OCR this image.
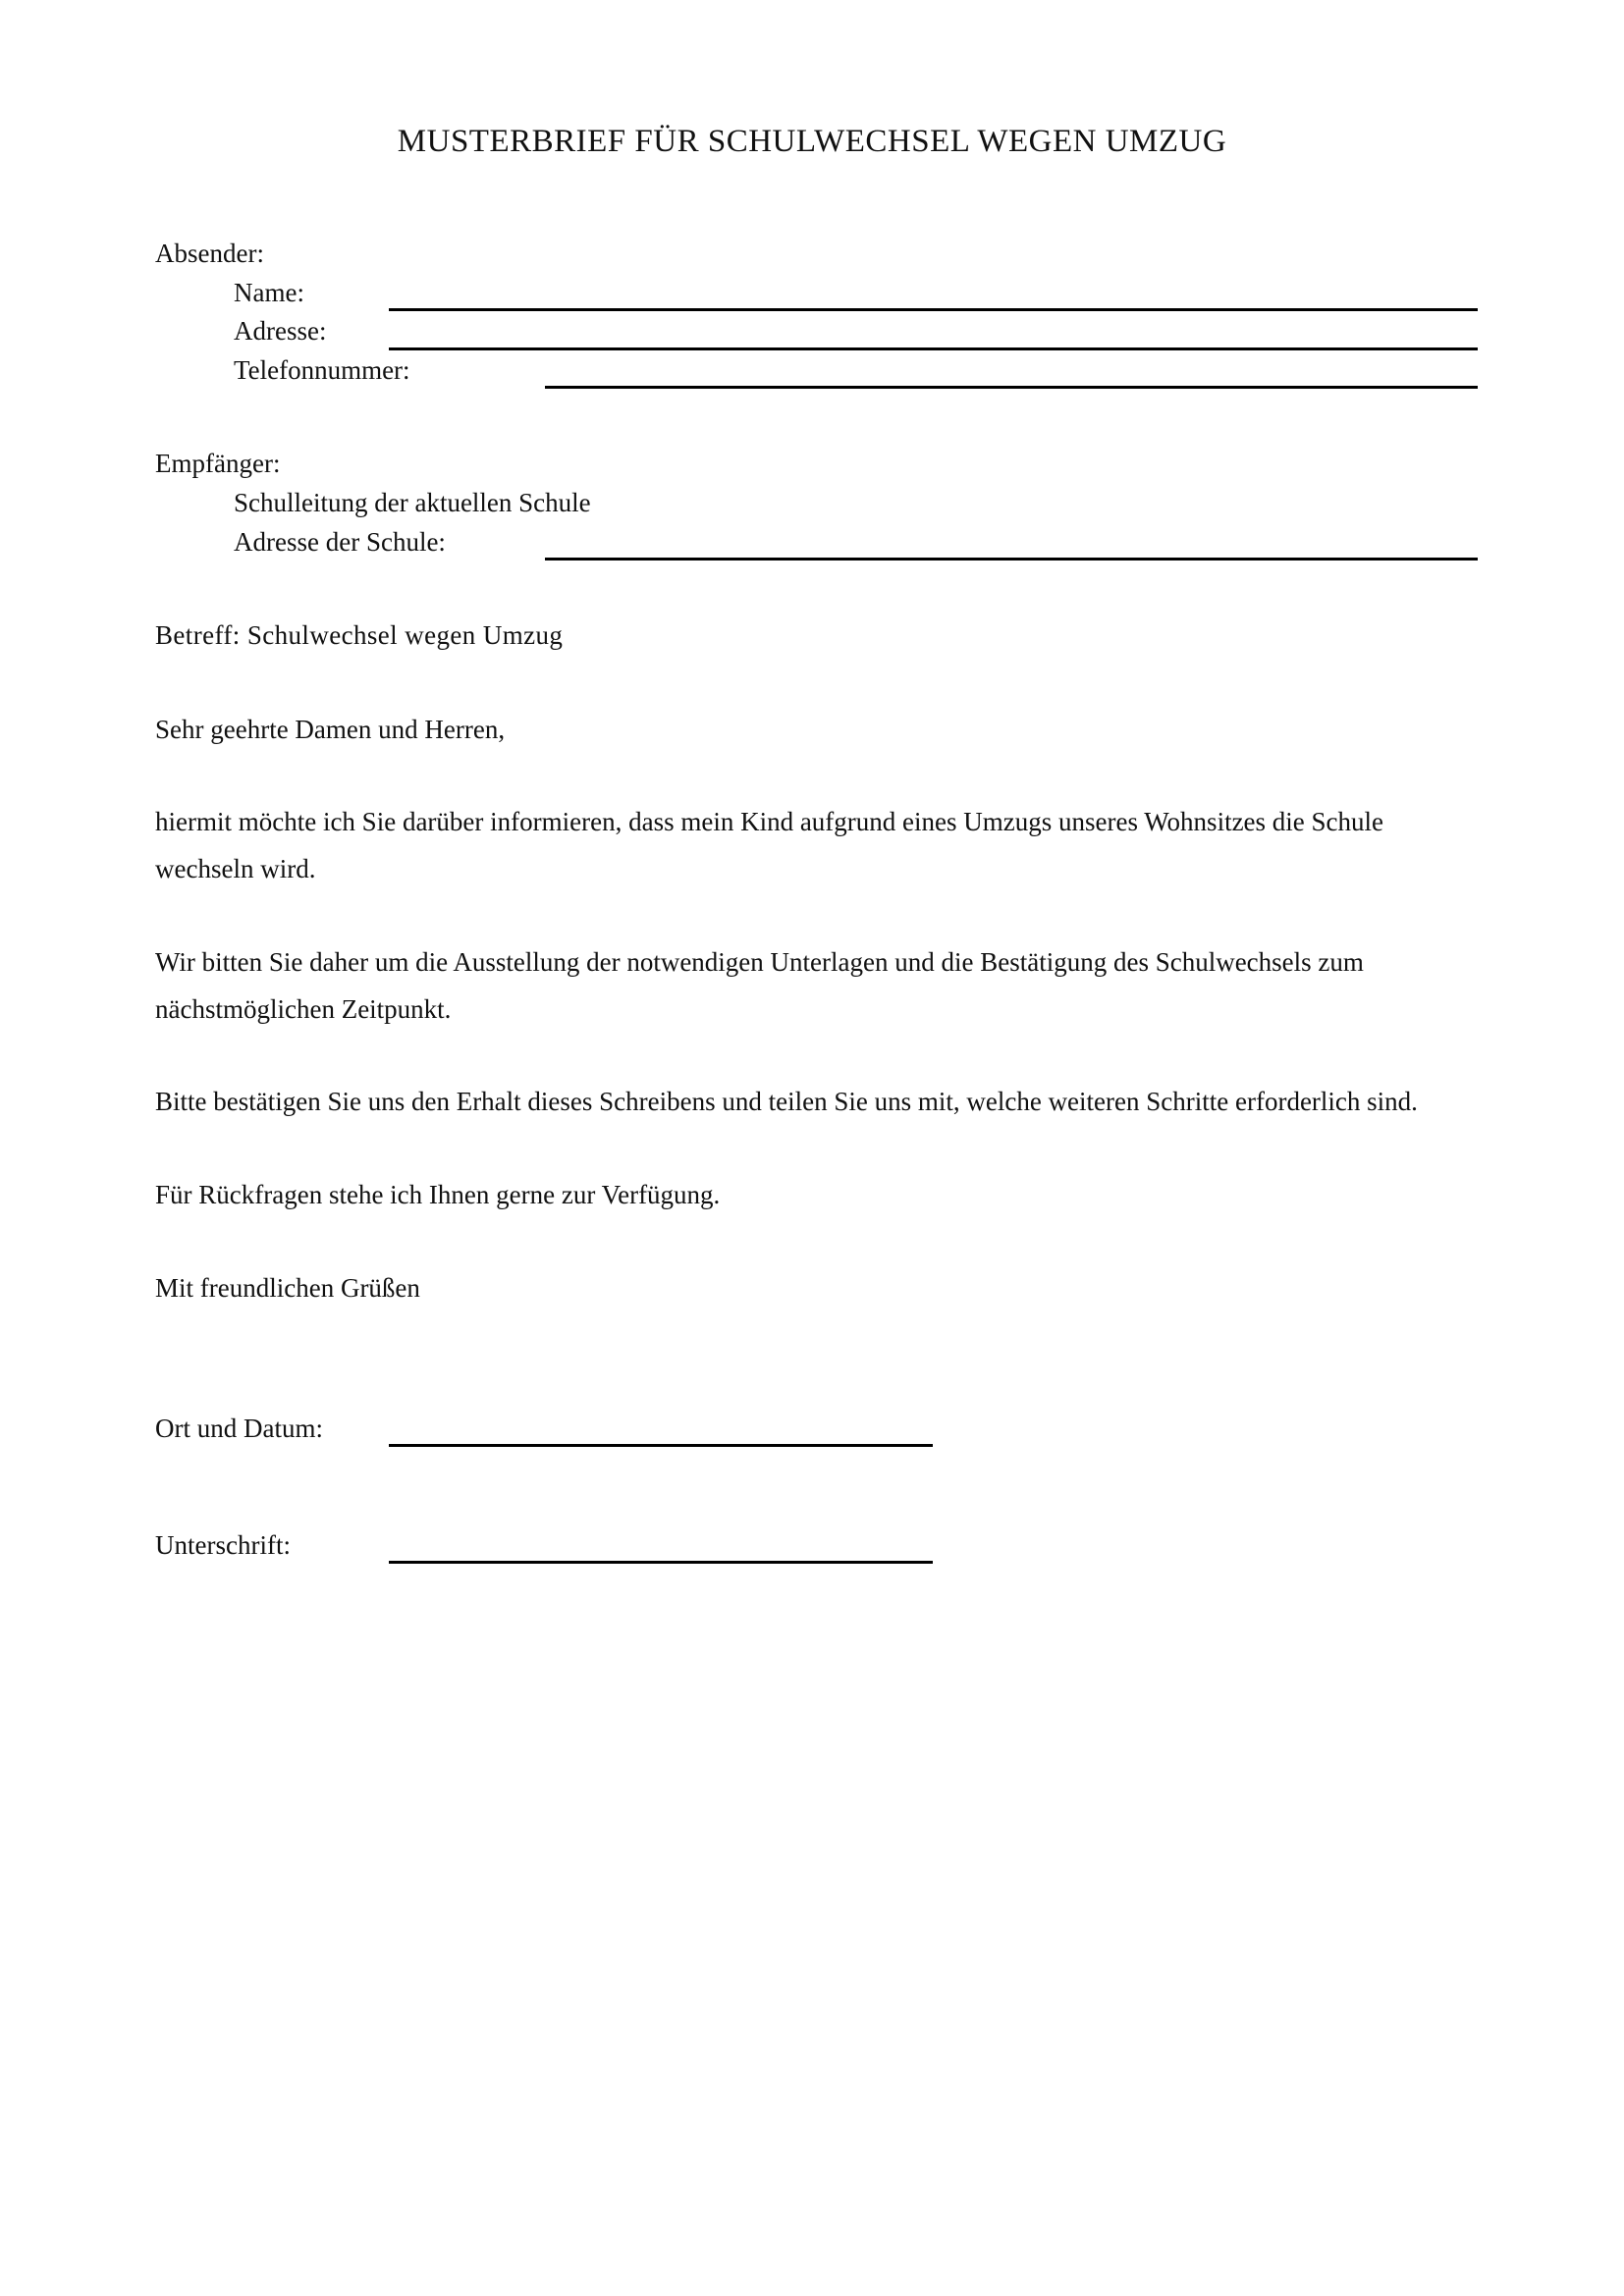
MUSTERBRIEF FÜR SCHULWECHSEL WEGEN UMZUG
Absender:
Name:
Adresse:
Telefonnummer:
Empfänger:
Schulleitung der aktuellen Schule
Adresse der Schule:
Betreff: Schulwechsel wegen Umzug
Sehr geehrte Damen und Herren,
hiermit möchte ich Sie darüber informieren, dass mein Kind aufgrund eines Umzugs unseres Wohnsitzes die Schule wechseln wird.
Wir bitten Sie daher um die Ausstellung der notwendigen Unterlagen und die Bestätigung des Schulwechsels zum nächstmöglichen Zeitpunkt.
Bitte bestätigen Sie uns den Erhalt dieses Schreibens und teilen Sie uns mit, welche weiteren Schritte erforderlich sind.
Für Rückfragen stehe ich Ihnen gerne zur Verfügung.
Mit freundlichen Grüßen
Ort und Datum:
Unterschrift:
